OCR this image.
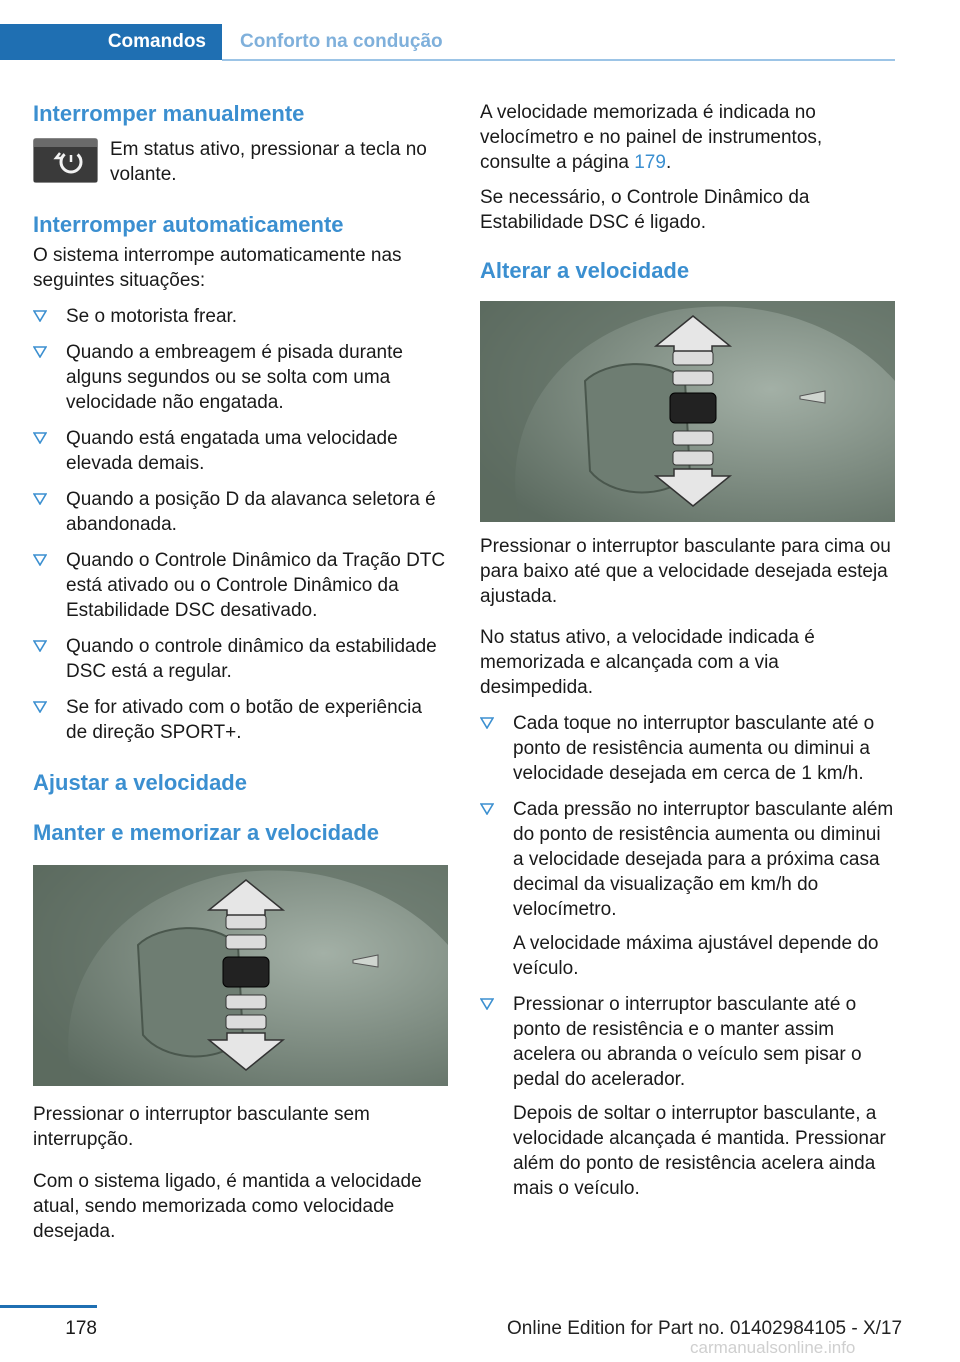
Comandos	Conforto na condução
Interromper manualmente

Em status ativo, pressionar a tecla no volante.

Interromper automaticamente

O sistema interrompe automaticamente nas seguintes situações:

Se o motorista frear.
Quando a embreagem é pisada durante alguns segundos ou se solta com uma velocidade não engatada.
Quando está engatada uma velocidade elevada demais.
Quando a posição D da alavanca seletora é abandonada.
Quando o Controle Dinâmico da Tração DTC está ativado ou o Controle Dinâmico da Estabilidade DSC desativado.
Quando o controle dinâmico da estabilidade DSC está a regular.
Se for ativado com o botão de experiência de direção SPORT+.
Ajustar a velocidade
Manter e memorizar a velocidade

Pressionar o interruptor basculante sem interrupção.

Com o sistema ligado, é mantida a velocidade atual, sendo memorizada como velocidade desejada.

A velocidade memorizada é indicada no velocímetro e no painel de instrumentos, consulte a página 179.

Se necessário, o Controle Dinâmico da Estabilidade DSC é ligado.

Alterar a velocidade

Pressionar o interruptor basculante para cima ou para baixo até que a velocidade desejada esteja ajustada.

No status ativo, a velocidade indicada é memorizada e alcançada com a via desimpedida.

Cada toque no interruptor basculante até o ponto de resistência aumenta ou diminui a velocidade desejada em cerca de 1 km/h.
Cada pressão no interruptor basculante além do ponto de resistência aumenta ou diminui a velocidade desejada para a próxima casa decimal da visualização em km/h do velocímetro.

A velocidade máxima ajustável depende do veículo.

Pressionar o interruptor basculante até o ponto de resistência e o manter assim acelera ou abranda o veículo sem pisar o pedal do acelerador.

Depois de soltar o interruptor basculante, a velocidade alcançada é mantida. Pressionar além do ponto de resistência acelera ainda mais o veículo.

178	Online Edition for Part no. 01402984105 - X/17
carmanualsonline.info
